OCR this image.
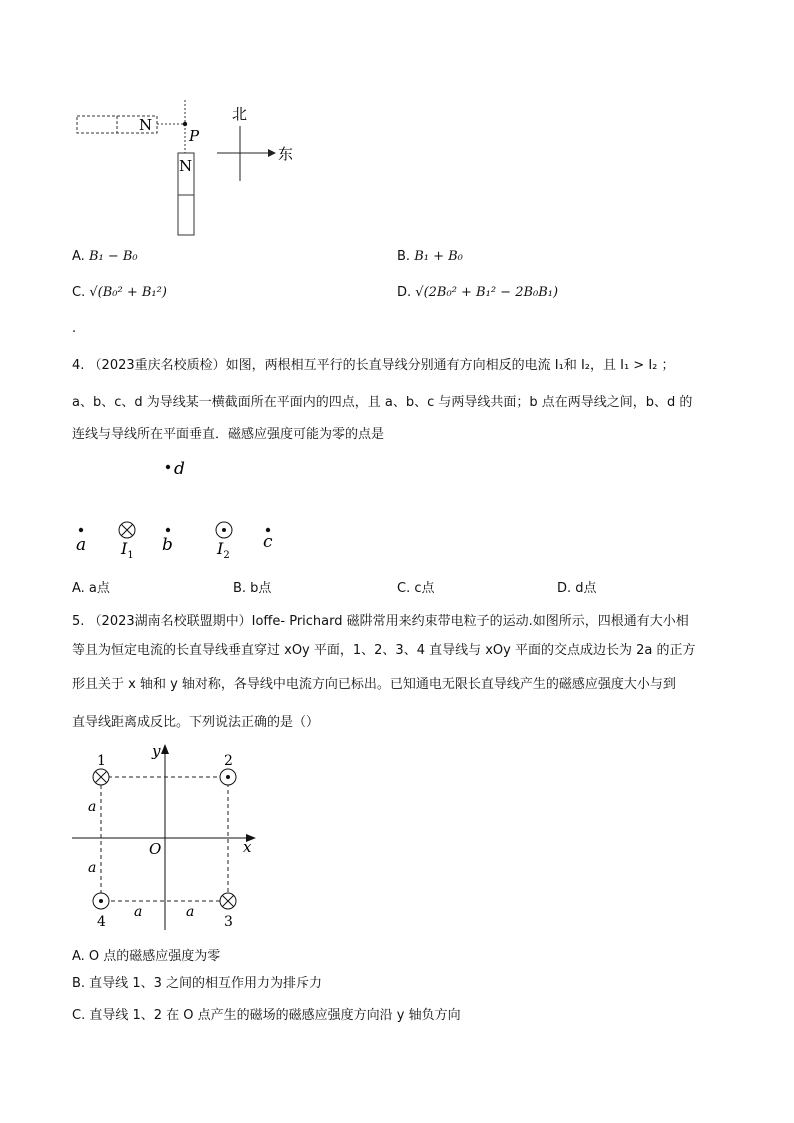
N
P
N
北
东
A. B₁ − B₀	B. B₁ + B₀
C. √(B₀² + B₁²)	D. √(2B₀² + B₁² − 2B₀B₁)
.
4. （2023重庆名校质检）如图，两根相互平行的长直导线分别通有方向相反的电流 I₁和 I₂，且 I₁ > I₂ ；
a、b、c、d 为导线某一横截面所在平面内的四点，且 a、b、c 与两导线共面；b 点在两导线之间，b、d 的
连线与导线所在平面垂直．磁感应强度可能为零的点是
d
a $I_1$
b	$I_2$
c
A. a点	B. b点	C. c点	D. d点
5. （2023湖南名校联盟期中）Ioffe- Prichard 磁阱常用来约束带电粒子的运动.如图所示，四根通有大小相
等且为恒定电流的长直导线垂直穿过 xOy 平面，1、2、3、4 直导线与 xOy 平面的交点成边长为 2a 的正方
形且关于 x 轴和 y 轴对称，各导线中电流方向已标出。已知通电无限长直导线产生的磁感应强度大小与到
直导线距离成反比。下列说法正确的是（）
y
x
O
1	2
4	3
a
a
a	a
A. O 点的磁感应强度为零
B. 直导线 1、3 之间的相互作用力为排斥力
C. 直导线 1、2 在 O 点产生的磁场的磁感应强度方向沿 y 轴负方向
